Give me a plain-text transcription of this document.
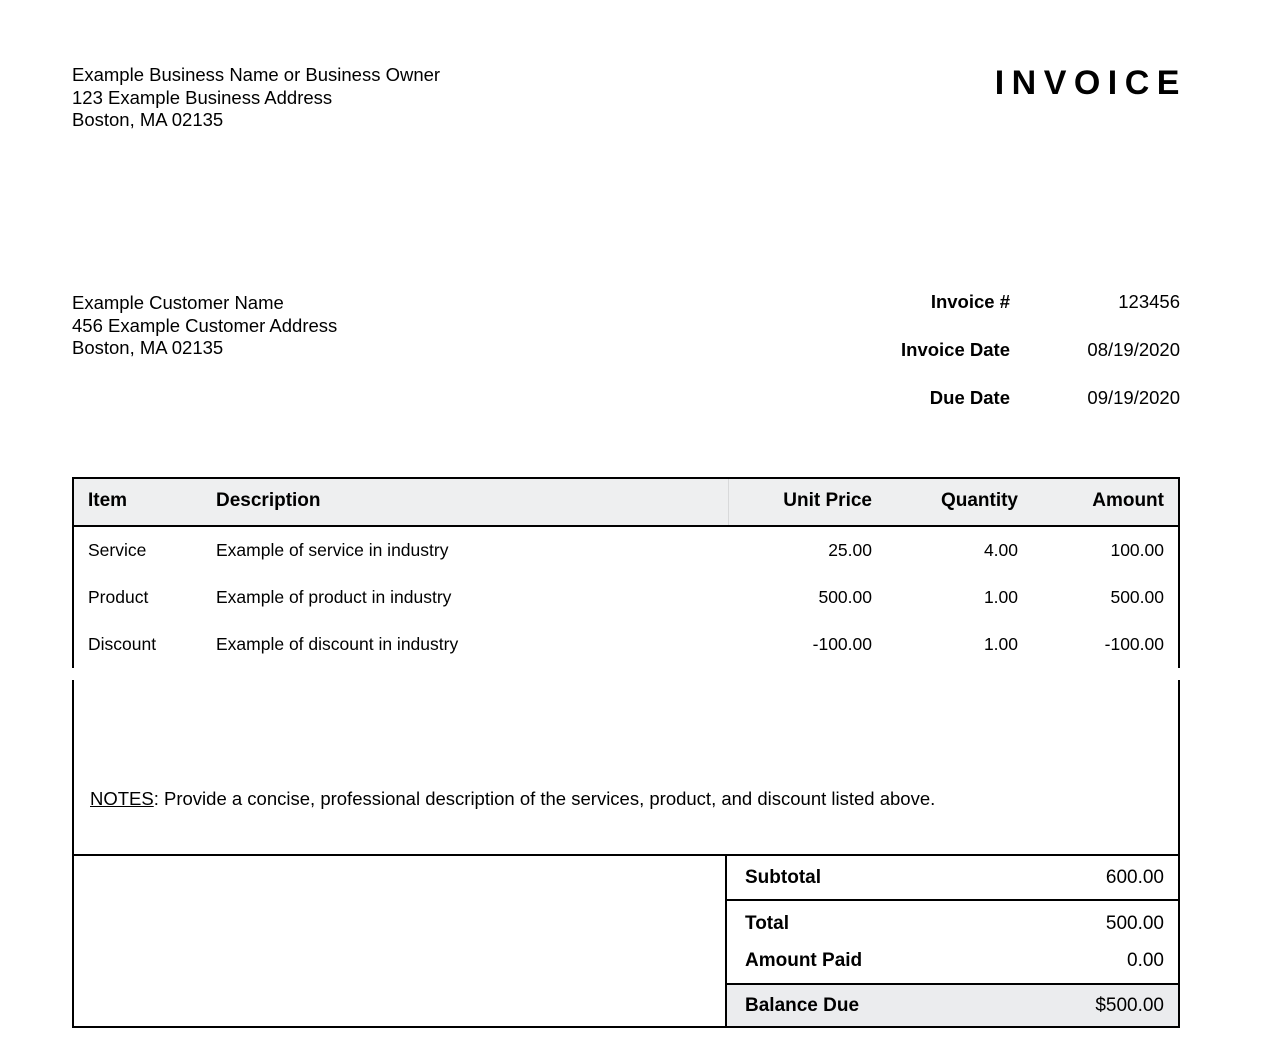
Example Business Name or Business Owner
123 Example Business Address
Boston, MA 02135
INVOICE
Example Customer Name
456 Example Customer Address
Boston, MA 02135
Invoice #	123456
Invoice Date	08/19/2020
Due Date	09/19/2020
Item	Description	Unit Price	Quantity	Amount
Service	Example of service in industry	25.00	4.00	100.00
Product	Example of product in industry	500.00	1.00	500.00
Discount	Example of discount in industry	-100.00	1.00	-100.00
NOTES: Provide a concise, professional description of the services, product, and discount listed above.
Subtotal	600.00
Total	500.00
Amount Paid	0.00
Balance Due	$500.00
